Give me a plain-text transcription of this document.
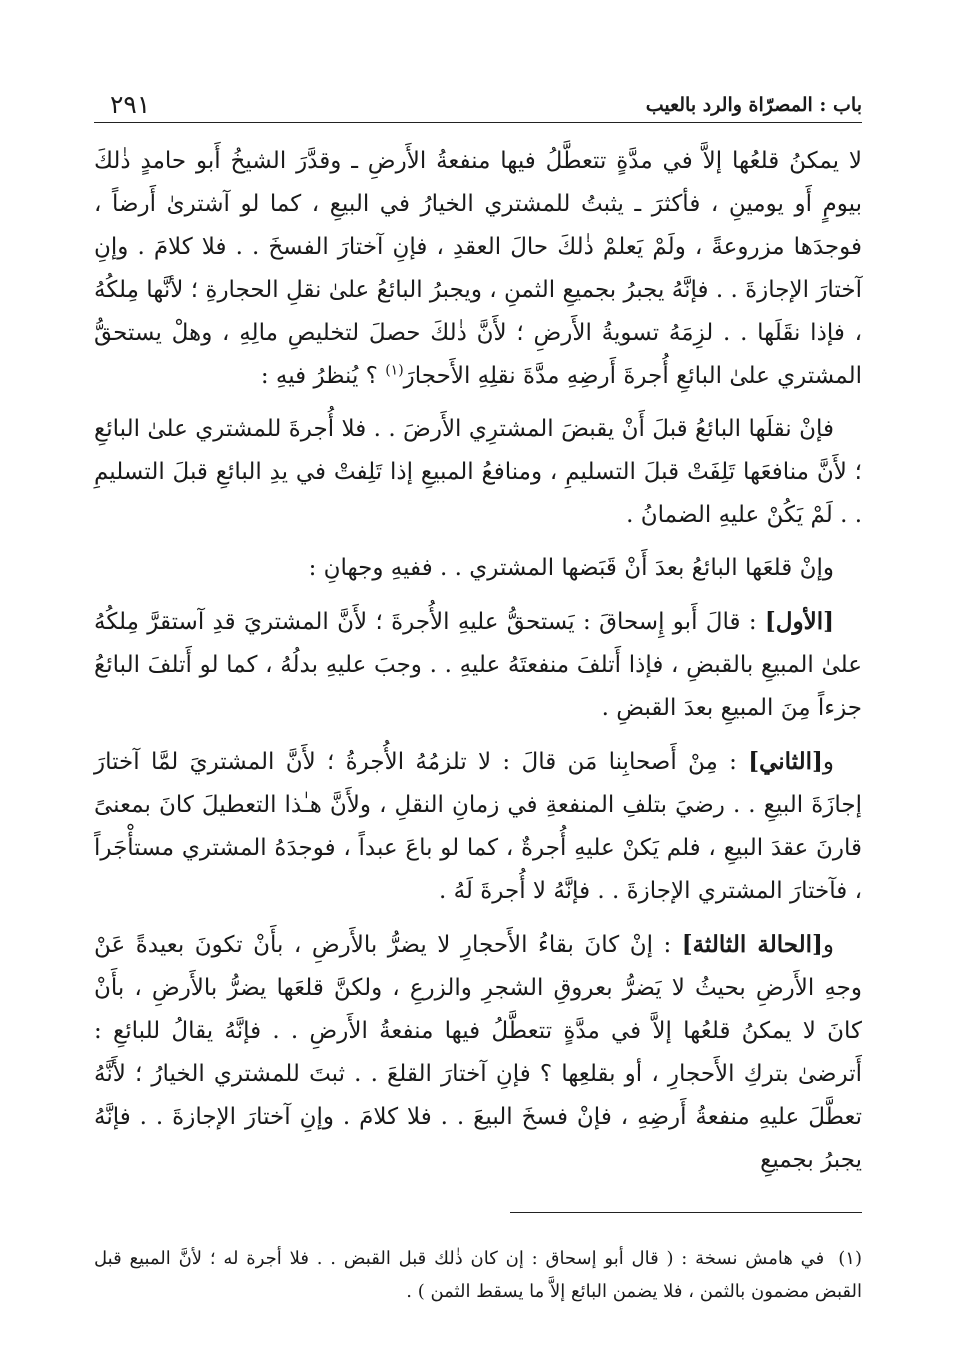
باب : المصرّاة والرد بالعيب
٢٩١

لا يمكنُ قلعُها إلاَّ في مدَّةٍ تتعطَّلُ فيها منفعةُ الأَرضِ ـ وقدَّرَ الشيخُ أَبو حامدٍ ذٰلكَ بيومٍ أَو يومينِ ، فأكثرَ ـ يثبتُ للمشتري الخيارُ في البيعِ ، كما لو آشترىٰ أَرضاً ، فوجدَها مزروعةً ، ولَمْ يَعلمْ ذٰلكَ حالَ العقدِ ، فإنِ آختارَ الفسخَ . . فلا كلامَ . وإنِ آختارَ الإجازةَ . . فإنَّهُ يجبرُ بجميعِ الثمنِ ، ويجبرُ البائعُ علىٰ نقلِ الحجارةِ ؛ لأنَّها مِلكُهُ ، فإذا نقَلَها . . لزِمَهُ تسويةُ الأَرضِ ؛ لأَنَّ ذٰلكَ حصلَ لتخليصِ مالِهِ ، وهلْ يستحقُّ المشتري علىٰ البائعِ أُجرةَ أَرضِهِ مدَّةَ نقلِهِ الأَحجارَ$^{(١)}$ ؟ يُنظرُ فيهِ :

فإنْ نقلَها البائعُ قبلَ أَنْ يقبضَ المشترِي الأَرضَ . . فلا أُجرةَ للمشتري علىٰ البائعِ ؛ لأَنَّ منافعَها تَلِفَتْ قبلَ التسليمِ ، ومنافعُ المبيعِ إذا تَلِفتْ في يدِ البائعِ قبلَ التسليمِ . . لَمْ يَكُنْ عليهِ الضمانُ .

وإنْ قلعَها البائعُ بعدَ أَنْ قَبَضها المشتري . . ففيهِ وجهانِ :

[الأول] : قالَ أَبو إِسحاقَ : يَستحقُّ عليهِ الأُجرةَ ؛ لأَنَّ المشتريَ قدِ آستقرَّ مِلكُهُ علىٰ المبيعِ بالقبضِ ، فإذا أَتلفَ منفعتَهُ عليهِ . . وجبَ عليهِ بدلُهُ ، كما لو أَتلفَ البائعُ جزءاً مِنَ المبيعِ بعدَ القبضِ .

و[الثاني] : مِنْ أَصحابِنا مَن قالَ : لا تلزمُهُ الأُجرةُ ؛ لأَنَّ المشتريَ لمَّا آختارَ إجازَةَ البيعِ . . رضيَ بتلفِ المنفعةِ في زمانِ النقلِ ، ولأَنَّ هـٰذا التعطيلَ كانَ بمعنىً قارنَ عقدَ البيعِ ، فلم يَكنْ عليهِ أُجرةٌ ، كما لو باعَ عبداً ، فوجدَهُ المشتري مستأْجَراً ، فآختارَ المشتري الإجازةَ . . فإنَّهُ لا أُجرةَ لَهُ .

و[الحالة الثالثة] : إنْ كانَ بقاءُ الأَحجارِ لا يضرُّ بالأَرضِ ، بأَنْ تكونَ بعيدةً عَنْ وجهِ الأَرضِ بحيثُ لا يَضرُّ بعروقِ الشجرِ والزرعِ ، ولكنَّ قلعَها يضرُّ بالأَرضِ ، بأَنْ كانَ لا يمكنُ قلعُها إلاَّ في مدَّةٍ تتعطَّلُ فيها منفعةُ الأَرضِ . . فإنَّهُ يقالُ للبائعِ : أَترضىٰ بتركِ الأَحجارِ ، أو بقلعِها ؟ فإنِ آختارَ القلعَ . . ثبتَ للمشتري الخيارُ ؛ لأَنَّهُ تعطَّلَ عليهِ منفعةُ أَرضِهِ ، فإنْ فسخَ البيعَ . . فلا كلامَ . وإنِ آختارَ الإجازةَ . . فإنَّهُ يجبرُ بجميعِ

(١)في هامش نسخة : ( قال أبو إسحاق : إن كان ذٰلك قبل القبض . . فلا أجرة له ؛ لأنَّ المبيع قبل القبض مضمون بالثمن ، فلا يضمن البائع إلاَّ ما يسقط الثمن ) .
